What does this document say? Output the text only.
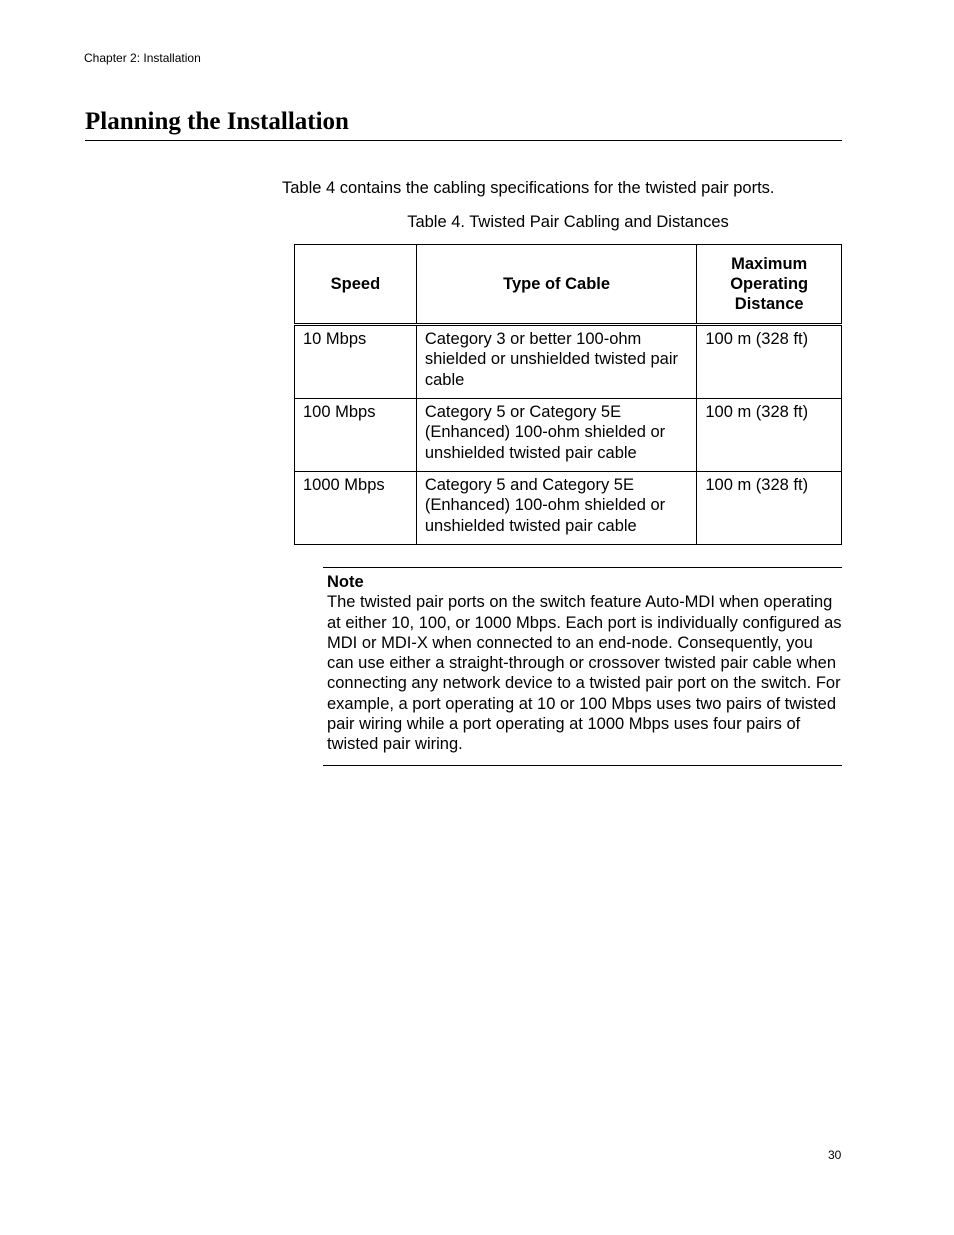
Chapter 2: Installation
Planning the Installation
Table 4 contains the cabling specifications for the twisted pair ports.
Table 4. Twisted Pair Cabling and Distances
Speed	Type of Cable	Maximum Operating Distance
10 Mbps	Category 3 or better 100-ohm shielded or unshielded twisted pair cable	100 m (328 ft)
100 Mbps	Category 5 or Category 5E (Enhanced) 100-ohm shielded or unshielded twisted pair cable	100 m (328 ft)
1000 Mbps	Category 5 and Category 5E (Enhanced) 100-ohm shielded or unshielded twisted pair cable	100 m (328 ft)
Note

The twisted pair ports on the switch feature Auto-MDI when operating at either 10, 100, or 1000 Mbps. Each port is individually configured as MDI or MDI-X when connected to an end-node. Consequently, you can use either a straight-through or crossover twisted pair cable when connecting any network device to a twisted pair port on the switch. For example, a port operating at 10 or 100 Mbps uses two pairs of twisted pair wiring while a port operating at 1000 Mbps uses four pairs of twisted pair wiring.

30
